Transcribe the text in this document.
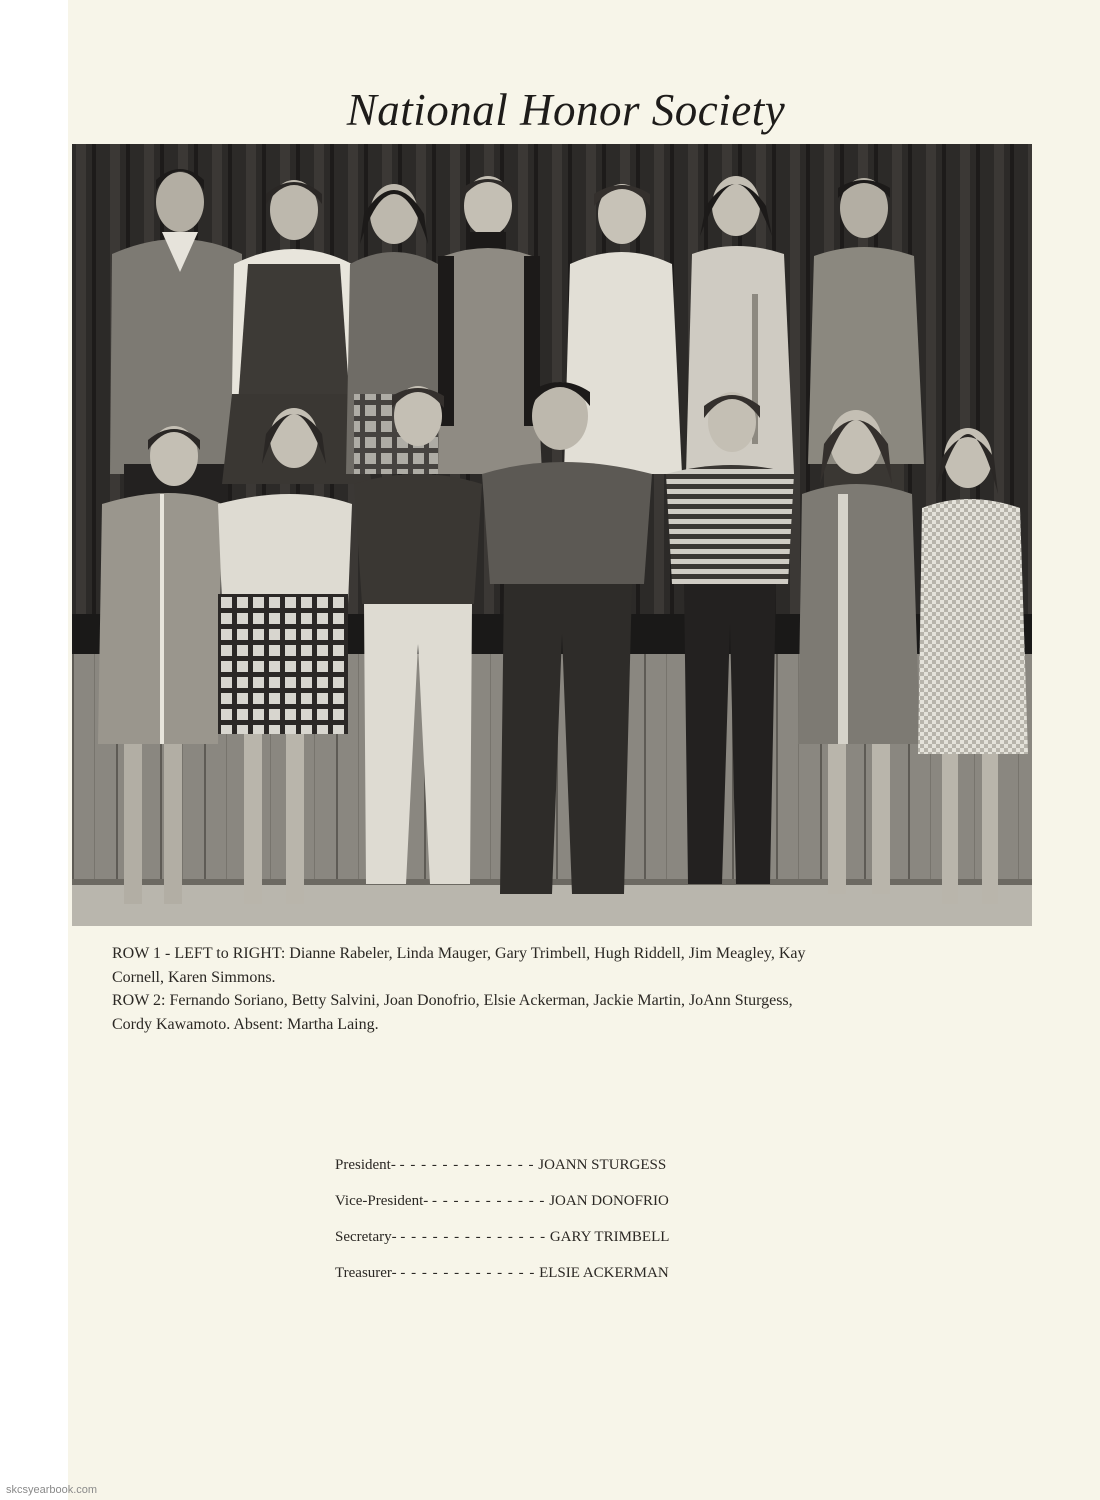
National Honor Society

ROW 1 - LEFT to RIGHT: Dianne Rabeler, Linda Mauger, Gary Trimbell, Hugh Riddell, Jim Meagley, Kay

Cornell, Karen Simmons.

ROW 2: Fernando Soriano, Betty Salvini, Joan Donofrio, Elsie Ackerman, Jackie Martin, JoAnn Sturgess,

Cordy Kawamoto. Absent: Martha Laing.

President- - - - - - - - - - - - - - JOANN STURGESS
Vice-President- - - - - - - - - - - - JOAN DONOFRIO
Secretary- - - - - - - - - - - - - - - GARY TRIMBELL
Treasurer- - - - - - - - - - - - - - ELSIE ACKERMAN
skcsyearbook.com
